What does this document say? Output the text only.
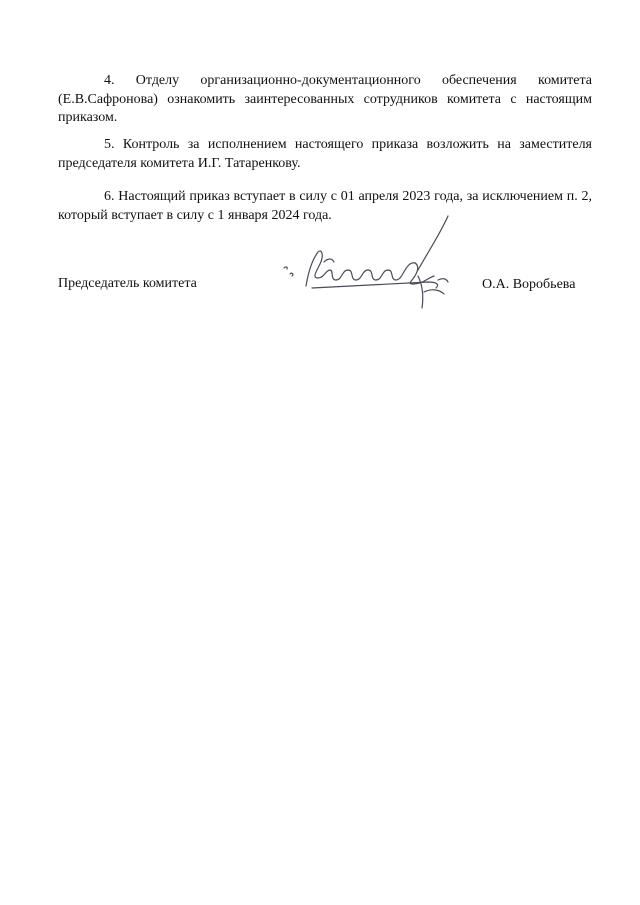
4. Отделу организационно-документационного обеспечения комитета (Е.В.Сафронова) ознакомить заинтересованных сотрудников комитета с настоящим приказом.

5. Контроль за исполнением настоящего приказа возложить на заместителя председателя комитета И.Г. Татаренкову.

6. Настоящий приказ вступает в силу с 01 апреля 2023 года, за исключением п. 2, который вступает в силу с 1 января 2024 года.

Председатель комитета	О.А. Воробьева
